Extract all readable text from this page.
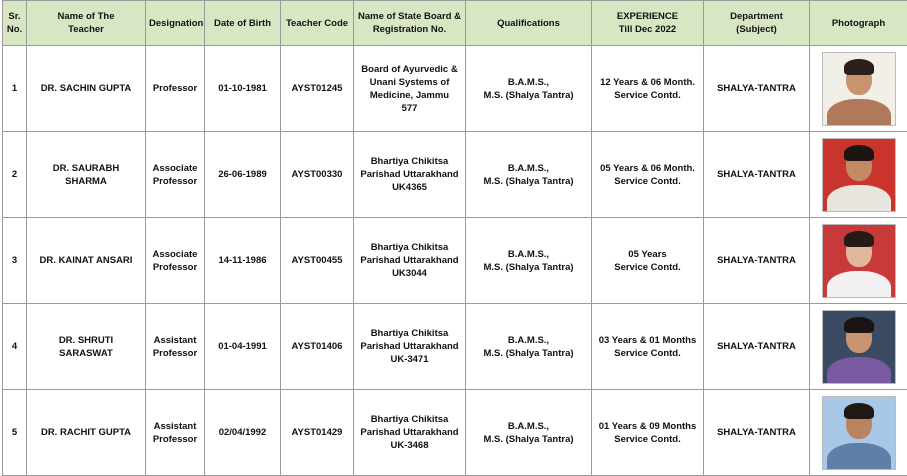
Sr.
No.	Name of The
Teacher	Designation	Date of Birth	Teacher Code	Name of State Board &
Registration No.	Qualifications	EXPERIENCE
Till Dec 2022	Department
(Subject)	Photograph

1	DR. SACHIN GUPTA	Professor	01-10-1981	AYST01245	Board of Ayurvedic &
Unani Systems of
Medicine, Jammu
577	B.A.M.S.,
M.S. (Shalya Tantra)	12 Years & 06 Month.
Service Contd.	SHALYA-TANTRA	

2	DR. SAURABH
SHARMA	Associate
Professor	26-06-1989	AYST00330	Bhartiya Chikitsa
Parishad Uttarakhand
UK4365	B.A.M.S.,
M.S. (Shalya Tantra)	05 Years & 06 Month.
Service Contd.	SHALYA-TANTRA	

3	DR. KAINAT ANSARI	Associate
Professor	14-11-1986	AYST00455	Bhartiya Chikitsa
Parishad Uttarakhand
UK3044	B.A.M.S.,
M.S. (Shalya Tantra)	05 Years
Service Contd.	SHALYA-TANTRA	

4	DR. SHRUTI
SARASWAT	Assistant
Professor	01-04-1991	AYST01406	Bhartiya Chikitsa
Parishad Uttarakhand
UK-3471	B.A.M.S.,
M.S. (Shalya Tantra)	03 Years & 01 Months
Service Contd.	SHALYA-TANTRA	

5	DR. RACHIT GUPTA	Assistant
Professor	02/04/1992	AYST01429	Bhartiya Chikitsa
Parishad Uttarakhand
UK-3468	B.A.M.S.,
M.S. (Shalya Tantra)	01 Years & 09 Months
Service Contd.	SHALYA-TANTRA	
